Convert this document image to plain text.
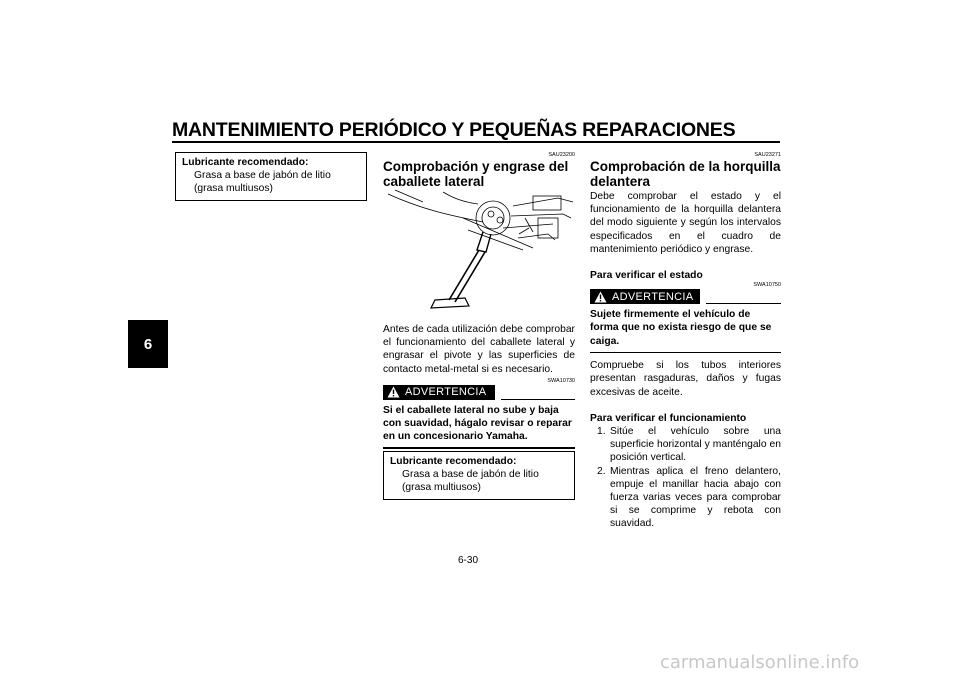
MANTENIMIENTO PERIÓDICO Y PEQUEÑAS REPARACIONES
6
Lubricante recomendado:
Grasa a base de jabón de litio (grasa multiusos)
SAU23200
Comprobación y engrase del caballete lateral
Antes de cada utilización debe comprobar el funcionamiento del caballete lateral y engrasar el pivote y las superficies de contacto metal-metal si es necesario.
SWA10730
ADVERTENCIA
Si el caballete lateral no sube y baja con suavidad, hágalo revisar o reparar en un concesionario Yamaha.
Lubricante recomendado:
Grasa a base de jabón de litio (grasa multiusos)
SAU23271
Comprobación de la horquilla delantera
Debe comprobar el estado y el funcionamiento de la horquilla delantera del modo siguiente y según los intervalos especificados en el cuadro de mantenimiento periódico y engrase.
Para verificar el estado
SWA10750
ADVERTENCIA
Sujete firmemente el vehículo de forma que no exista riesgo de que se caiga.
Compruebe si los tubos interiores presentan rasgaduras, daños y fugas excesivas de aceite.
Para verificar el funcionamiento
1. Sitúe el vehículo sobre una superficie horizontal y manténgalo en posición vertical.
2. Mientras aplica el freno delantero, empuje el manillar hacia abajo con fuerza varias veces para comprobar si se comprime y rebota con suavidad.
6-30
carmanualsonline.info
